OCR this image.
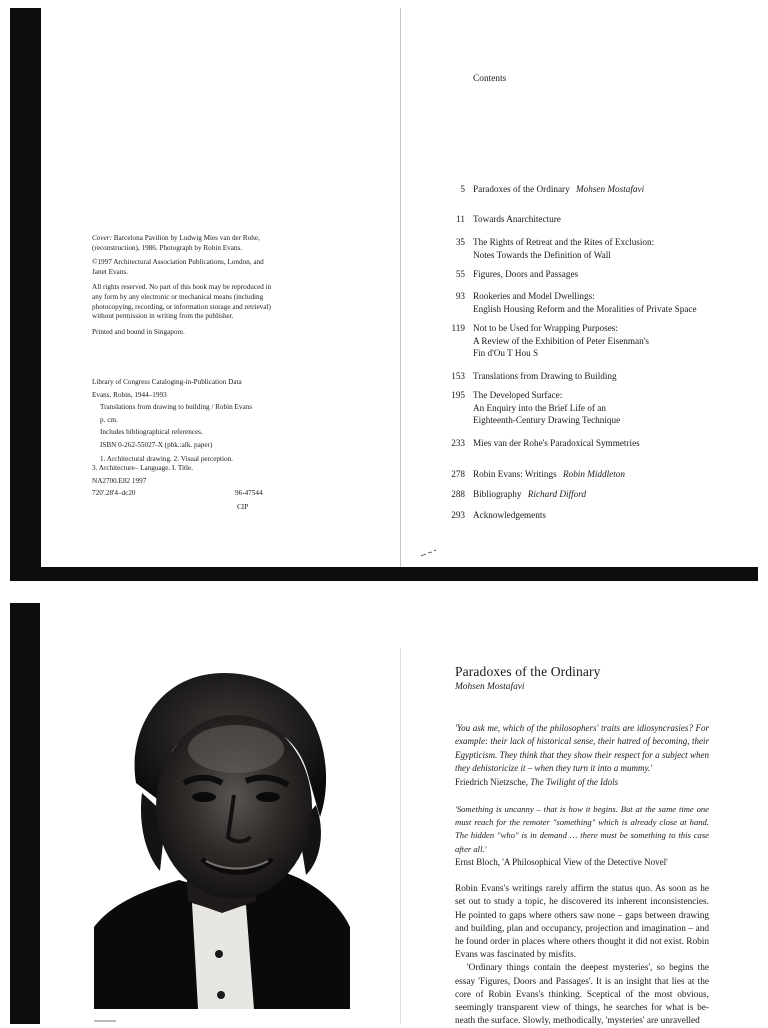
Cover: Barcelona Pavilion by Ludwig Mies van der Rohe, (reconstruction), 1986. Photograph by Robin Evans.
©1997 Architectural Association Publications, London, and Janet Evans.
All rights reserved. No part of this book may be reproduced in any form by any electronic or mechanical means (including photocopying, recording, or information storage and retrieval) without permission in writing from the publisher.
Printed and bound in Singapore.
Library of Congress Cataloging-in-Publication Data
Evans, Robin, 1944–1993
Translations from drawing to building / Robin Evans
p. cm.
Includes bibliographical references.
ISBN 0-262-55027-X (pbk.:alk. paper)
1. Architectural drawing. 2. Visual perception.
3. Architecture– Language. I. Title.
NA2700.E82 1997
720'.28'4–dc20	96-47544
CIP
Contents
5 Paradoxes of the Ordinary Mohsen Mostafavi
11 Towards Anarchitecture
35 The Rights of Retreat and the Rites of Exclusion:
Notes Towards the Definition of Wall
55 Figures, Doors and Passages
93 Rookeries and Model Dwellings:
English Housing Reform and the Moralities of Private Space
119 Not to be Used for Wrapping Purposes:
A Review of the Exhibition of Peter Eisenman's
Fin d'Ou T Hou S
153 Translations from Drawing to Building
195 The Developed Surface:
An Enquiry into the Brief Life of an
Eighteenth-Century Drawing Technique
233 Mies van der Rohe's Paradoxical Symmetries
278 Robin Evans: Writings Robin Middleton
288 Bibliography Richard Difford
293 Acknowledgements
Paradoxes of the Ordinary
Mohsen Mostafavi
'You ask me, which of the philosophers' traits are idiosyncrasies? For example: their lack of historical sense, their hatred of becoming, their Egypticism. They think that they show their respect for a subject when they dehistoricize it – when they turn it into a mummy.'
Friedrich Nietzsche, The Twilight of the Idols
'Something is uncanny – that is how it begins. But at the same time one must reach for the remoter "something" which is already close at hand. The hidden "who" is in demand … there must be something to this case after all.'
Ernst Bloch, 'A Philosophical View of the Detective Novel'
Robin Evans's writings rarely affirm the status quo. As soon as he set out to study a topic, he discovered its inherent inconsistencies. He pointed to gaps where others saw none – gaps between drawing and building, plan and occupancy, projection and imagination – and he found order in places where others thought it did not exist. Robin Evans was fascinated by misfits.
'Ordinary things contain the deepest mysteries', so begins the essay 'Figures, Doors and Passages'. It is an insight that lies at the core of Robin Evans's thinking. Sceptical of the most obvious, seemingly transparent view of things, he searches for what is be-neath the surface. Slowly, methodically, 'mysteries' are unravelled
